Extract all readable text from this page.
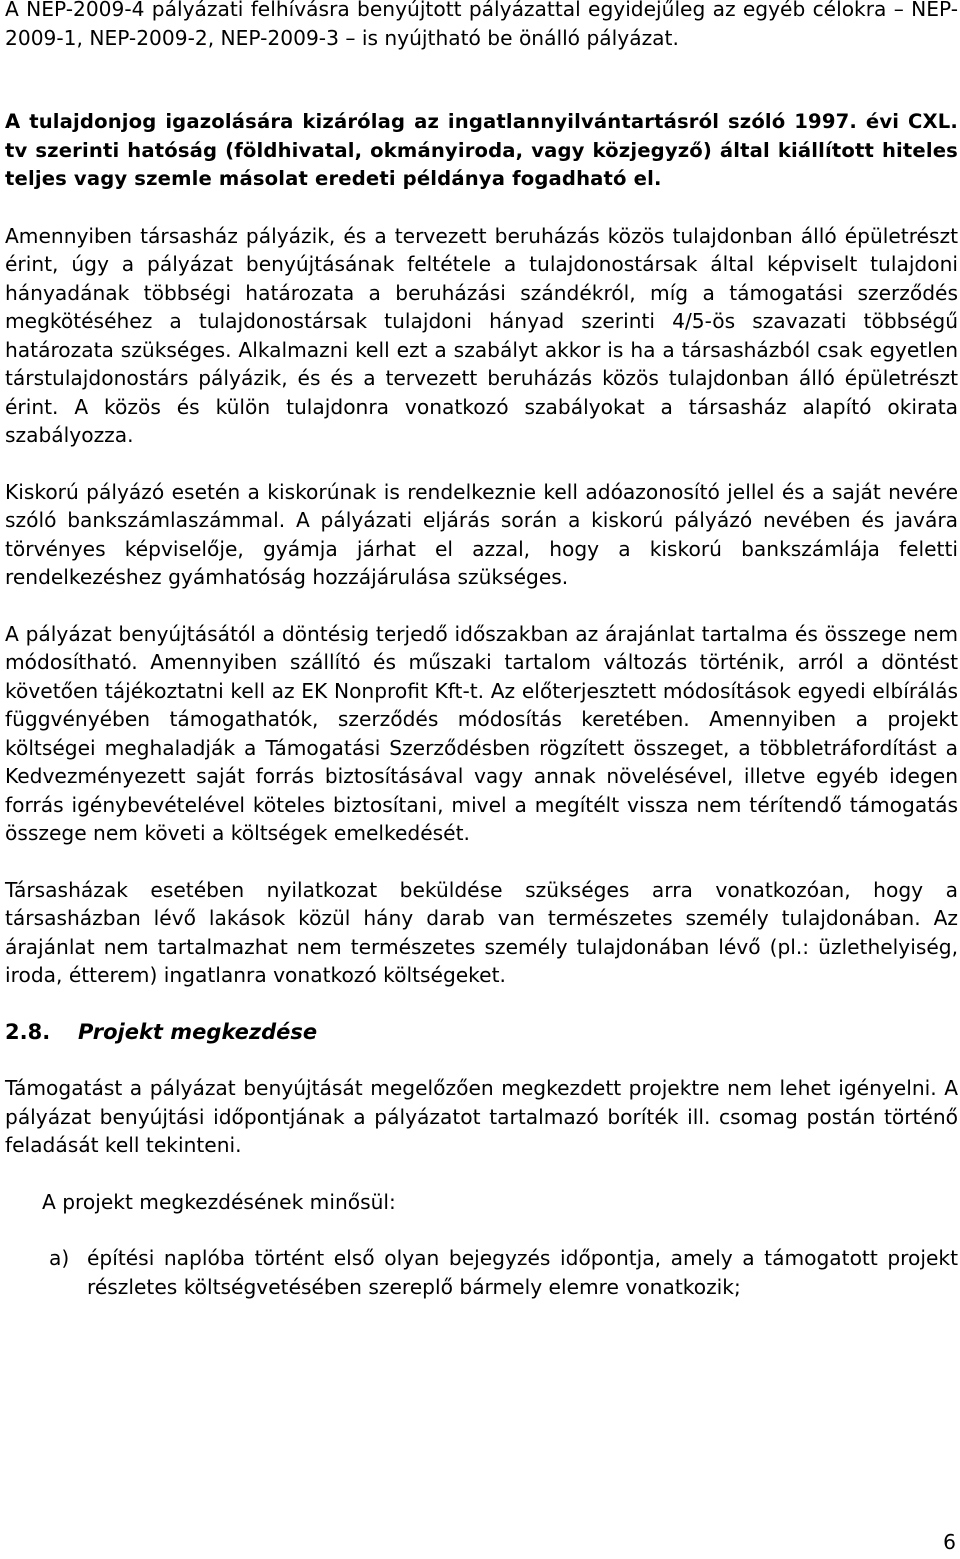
A NEP-2009-4 pályázati felhívásra benyújtott pályázattal egyidejűleg az egyéb célokra – NEP-2009-1, NEP-2009-2, NEP-2009-3 – is nyújtható be önálló pályázat.

A tulajdonjog igazolására kizárólag az ingatlannyilvántartásról szóló 1997. évi CXL. tv szerinti hatóság (földhivatal, okmányiroda, vagy közjegyző) által kiállított hiteles teljes vagy szemle másolat eredeti példánya fogadható el.

Amennyiben társasház pályázik, és a tervezett beruházás közös tulajdonban álló épületrészt érint, úgy a pályázat benyújtásának feltétele a tulajdonostársak által képviselt tulajdoni hányadának többségi határozata a beruházási szándékról, míg a támogatási szerződés megkötéséhez a tulajdonostársak tulajdoni hányad szerinti 4/5-ös szavazati többségű határozata szükséges. Alkalmazni kell ezt a szabályt akkor is ha a társasházból csak egyetlen társtulajdonostárs pályázik, és és a tervezett beruházás közös tulajdonban álló épületrészt érint. A közös és külön tulajdonra vonatkozó szabályokat a társasház alapító okirata szabályozza.

Kiskorú pályázó esetén a kiskorúnak is rendelkeznie kell adóazonosító jellel és a saját nevére szóló bankszámlaszámmal. A pályázati eljárás során a kiskorú pályázó nevében és javára törvényes képviselője, gyámja járhat el azzal, hogy a kiskorú bankszámlája feletti rendelkezéshez gyámhatóság hozzájárulása szükséges.

A pályázat benyújtásától a döntésig terjedő időszakban az árajánlat tartalma és összege nem módosítható. Amennyiben szállító és műszaki tartalom változás történik, arról a döntést követően tájékoztatni kell az EK Nonprofit Kft-t. Az előterjesztett módosítások egyedi elbírálás függvényében támogathatók, szerződés módosítás keretében. Amennyiben a projekt költségei meghaladják a Támogatási Szerződésben rögzített összeget, a többletráfordítást a Kedvezményezett saját forrás biztosításával vagy annak növelésével, illetve egyéb idegen forrás igénybevételével köteles biztosítani, mivel a megítélt vissza nem térítendő támogatás összege nem követi a költségek emelkedését.

Társasházak esetében nyilatkozat beküldése szükséges arra vonatkozóan, hogy a társasházban lévő lakások közül hány darab van természetes személy tulajdonában. Az árajánlat nem tartalmazhat nem természetes személy tulajdonában lévő (pl.: üzlethelyiség, iroda, étterem) ingatlanra vonatkozó költségeket.

2.8.	Projekt megkezdése

Támogatást a pályázat benyújtását megelőzően megkezdett projektre nem lehet igényelni. A pályázat benyújtási időpontjának a pályázatot tartalmazó boríték ill. csomag postán történő feladását kell tekinteni.

A projekt megkezdésének minősül:

a) építési naplóba történt első olyan bejegyzés időpontja, amely a támogatott projekt részletes költségvetésében szereplő bármely elemre vonatkozik;

6
